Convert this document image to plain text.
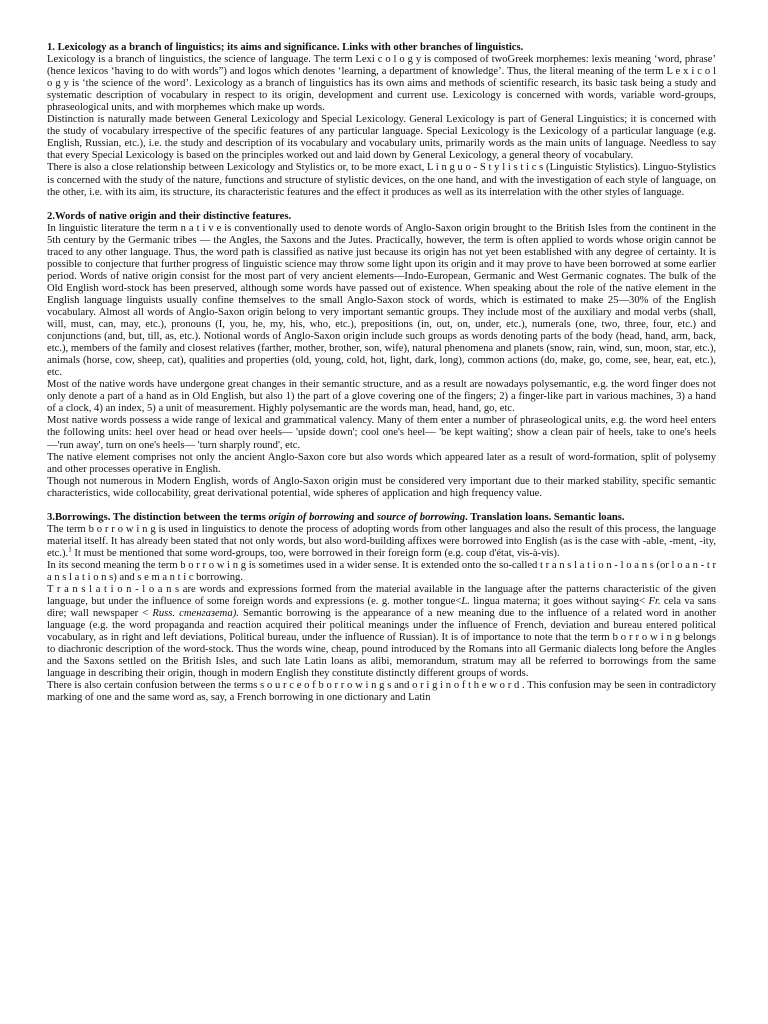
1. Lexicology as a branch of linguistics; its aims and significance. Links with other branches of linguistics.

Lexicology is a branch of linguistics, the science of language. The term Lexi c o l o g y is composed of twoGreek morphemes: lexis meaning ‘word, phrase’ (hence lexicos ‘having to do with words”) and logos which denotes ‘learning, a department of knowledge’. Thus, the literal meaning of the term L e x i c o l o g y is ‘the science of the word’. Lexicology as a branch of linguistics has its own aims and methods of scientific research, its basic task being a study and systematic description of vocabulary in respect to its origin, development and current use. Lexicology is concerned with words, variable word-groups, phraseological units, and with morphemes which make up words.

Distinction is naturally made between General Lexicology and Special Lexicology. General Lexicology is part of General Linguistics; it is concerned with the study of vocabulary irrespective of the specific features of any particular language. Special Lexicology is the Lexicology of a particular language (e.g. English, Russian, etc.), i.e. the study and description of its vocabulary and vocabulary units, primarily words as the main units of language. Needless to say that every Special Lexicology is based on the principles worked out and laid down by General Lexicology, a general theory of vocabulary.

There is also a close relationship between Lexicology and Stylistics or, to be more exact, L i n g u o - S t y l i s t i c s (Linguistic Stylistics). Linguo-Stylistics is concerned with the study of the nature, functions and structure of stylistic devices, on the one hand, and with the investigation of each style of language, on the other, i.e. with its aim, its structure, its characteristic features and the effect it produces as well as its interrelation with the other styles of language.

2.Words of native origin and their distinctive features.

In linguistic literature the term n a t i v e is conventionally used to denote words of Anglo-Saxon origin brought to the British Isles from the continent in the 5th century by the Germanic tribes — the Angles, the Saxons and the Jutes. Practically, however, the term is often applied to words whose origin cannot be traced to any other language. Thus, the word path is classified as native just because its origin has not yet been established with any degree of certainty. It is possible to conjecture that further progress of linguistic science may throw some light upon its origin and it may prove to have been borrowed at some earlier period. Words of native origin consist for the most part of very ancient elements—Indo-European, Germanic and West Germanic cognates. The bulk of the Old English word-stock has been preserved, although some words have passed out of existence. When speaking about the role of the native element in the English language linguists usually confine themselves to the small Anglo-Saxon stock of words, which is estimated to make 25—30% of the English vocabulary. Almost all words of Anglo-Saxon origin belong to very important semantic groups. They include most of the auxiliary and modal verbs (shall, will, must, can, may, etc.), pronouns (I, you, he, my, his, who, etc.), prepositions (in, out, on, under, etc.), numerals (one, two, three, four, etc.) and conjunctions (and, but, till, as, etc.). Notional words of Anglo-Saxon origin include such groups as words denoting parts of the body (head, hand, arm, back, etc.), members of the family and closest relatives (farther, mother, brother, son, wife), natural phenomena and planets (snow, rain, wind, sun, moon, star, etc.), animals (horse, cow, sheep, cat), qualities and properties (old, young, cold, hot, light, dark, long), common actions (do, make, go, come, see, hear, eat, etc.), etc.

Most of the native words have undergone great changes in their semantic structure, and as a result are nowadays polysemantic, e.g. the word finger does not only denote a part of a hand as in Old English, but also 1) the part of a glove covering one of the fingers; 2) a finger-like part in various machines, 3) a hand of a clock, 4) an index, 5) a unit of measurement. Highly polysemantic are the words man, head, hand, go, etc.

Most native words possess a wide range of lexical and grammatical valency. Many of them enter a number of phraseological units, e.g. the word heel enters the following units: heel over head or head over heels— 'upside down'; cool one's heel— 'be kept waiting'; show a clean pair of heels, take to one's heels—'run away', turn on one's heels— 'turn sharply round', etc.

The native element comprises not only the ancient Anglo-Saxon core but also words which appeared later as a result of word-formation, split of polysemy and other processes operative in English.

Though not numerous in Modern English, words of Anglo-Saxon origin must be considered very important due to their marked stability, specific semantic characteristics, wide collocability, great derivational potential, wide spheres of application and high frequency value.

3.Borrowings. The distinction between the terms origin of borrowing and source of borrowing. Translation loans. Semantic loans.

The term b o r r o w i n g is used in linguistics to denote the process of adopting words from other languages and also the result of this process, the language material itself. It has already been stated that not only words, but also word-building affixes were borrowed into English (as is the case with -able, -ment, -ity, etc.).$^1$ It must be mentioned that some word-groups, too, were borrowed in their foreign form (e.g. coup d'état, vis-à-vis).

In its second meaning the term b o r r o w i n g is sometimes used in a wider sense. It is extended onto the so-called t r a n s l a t i o n - l o a n s (or l o a n - t r a n s l a t i o n s) and s e m a n t i c borrowing.

T r a n s l a t i o n - l o a n s are words and expressions formed from the material available in the language after the patterns characteristic of the given language, but under the influence of some foreign words and expressions (e. g. mother tongue<L. lingua materna; it goes without saying< Fr. cela va sans dire; wall newspaper < Russ. стенгазета). Semantic borrowing is the appearance of a new meaning due to the influence of a related word in another language (e.g. the word propaganda and reaction acquired their political meanings under the influence of French, deviation and bureau entered political vocabulary, as in right and left deviations, Political bureau, under the influence of Russian). It is of importance to note that the term b o r r o w i n g belongs to diachronic description of the word-stock. Thus the words wine, cheap, pound introduced by the Romans into all Germanic dialects long before the Angles and the Saxons settled on the British Isles, and such late Latin loans as alibi, memorandum, stratum may all be referred to borrowings from the same language in describing their origin, though in modern English they constitute distinctly different groups of words.

There is also certain confusion between the terms s o u r c e o f b o r r o w i n g s and o r i g i n o f t h e w o r d . This confusion may be seen in contradictory marking of one and the same word as, say, a French borrowing in one dictionary and Latin
